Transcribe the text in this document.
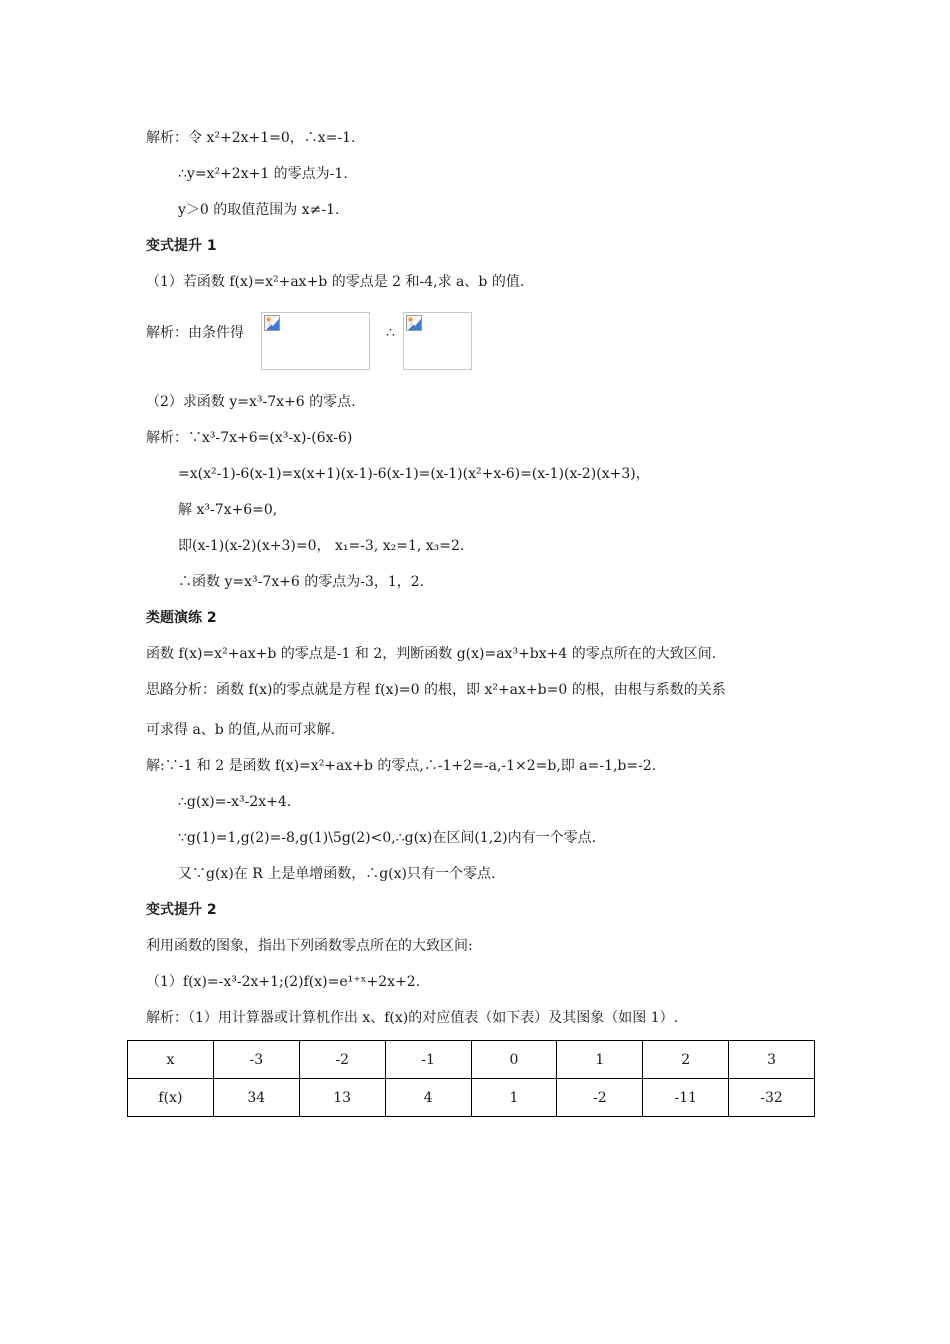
解析：令 x²+2x+1=0，∴x=-1.
∴y=x²+2x+1 的零点为-1.
y＞0 的取值范围为 x≠-1.
变式提升 1
（1）若函数 f(x)=x²+ax+b 的零点是 2 和-4,求 a、b 的值.
解析：由条件得	∴
（2）求函数 y=x³-7x+6 的零点.
解析：∵x³-7x+6=(x³-x)-(6x-6)
=x(x²-1)-6(x-1)=x(x+1)(x-1)-6(x-1)=(x-1)(x²+x-6)=(x-1)(x-2)(x+3)，
解 x³-7x+6=0,
即(x-1)(x-2)(x+3)=0， x₁=-3, x₂=1, x₃=2.
∴函数 y=x³-7x+6 的零点为-3，1，2.
类题演练 2
函数 f(x)=x²+ax+b 的零点是-1 和 2，判断函数 g(x)=ax³+bx+4 的零点所在的大致区间.
思路分析：函数 f(x)的零点就是方程 f(x)=0 的根，即 x²+ax+b=0 的根，由根与系数的关系
可求得 a、b 的值,从而可求解.
解:∵-1 和 2 是函数 f(x)=x²+ax+b 的零点,∴-1+2=-a,-1×2=b,即 a=-1,b=-2.
∴g(x)=-x³-2x+4.
∵g(1)=1,g(2)=-8,g(1)\5g(2)<0,∴g(x)在区间(1,2)内有一个零点.
又∵g(x)在 R 上是单增函数，∴g(x)只有一个零点.
变式提升 2
利用函数的图象，指出下列函数零点所在的大致区间:
（1）f(x)=-x³-2x+1;(2)f(x)=e¹⁺ˣ+2x+2.
解析：（1）用计算器或计算机作出 x、f(x)的对应值表（如下表）及其图象（如图 1）.
x	-3	-2	-1	0	1	2	3
f(x)	34	13	4	1	-2	-11	-32
